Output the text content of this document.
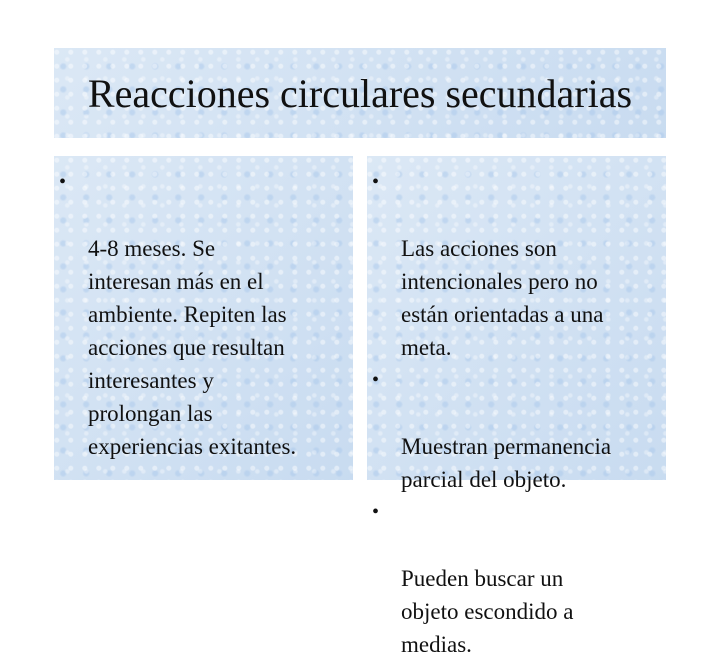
Reacciones circulares secundarias

•

4-8 meses. Se
interesan más en el
ambiente. Repiten las
acciones que resultan
interesantes y
prolongan las
experiencias exitantes.

•

Las acciones son
intencionales pero no
están orientadas a una
meta.

•

Muestran permanencia
parcial del objeto.

•

Pueden buscar un
objeto escondido a
medias.
